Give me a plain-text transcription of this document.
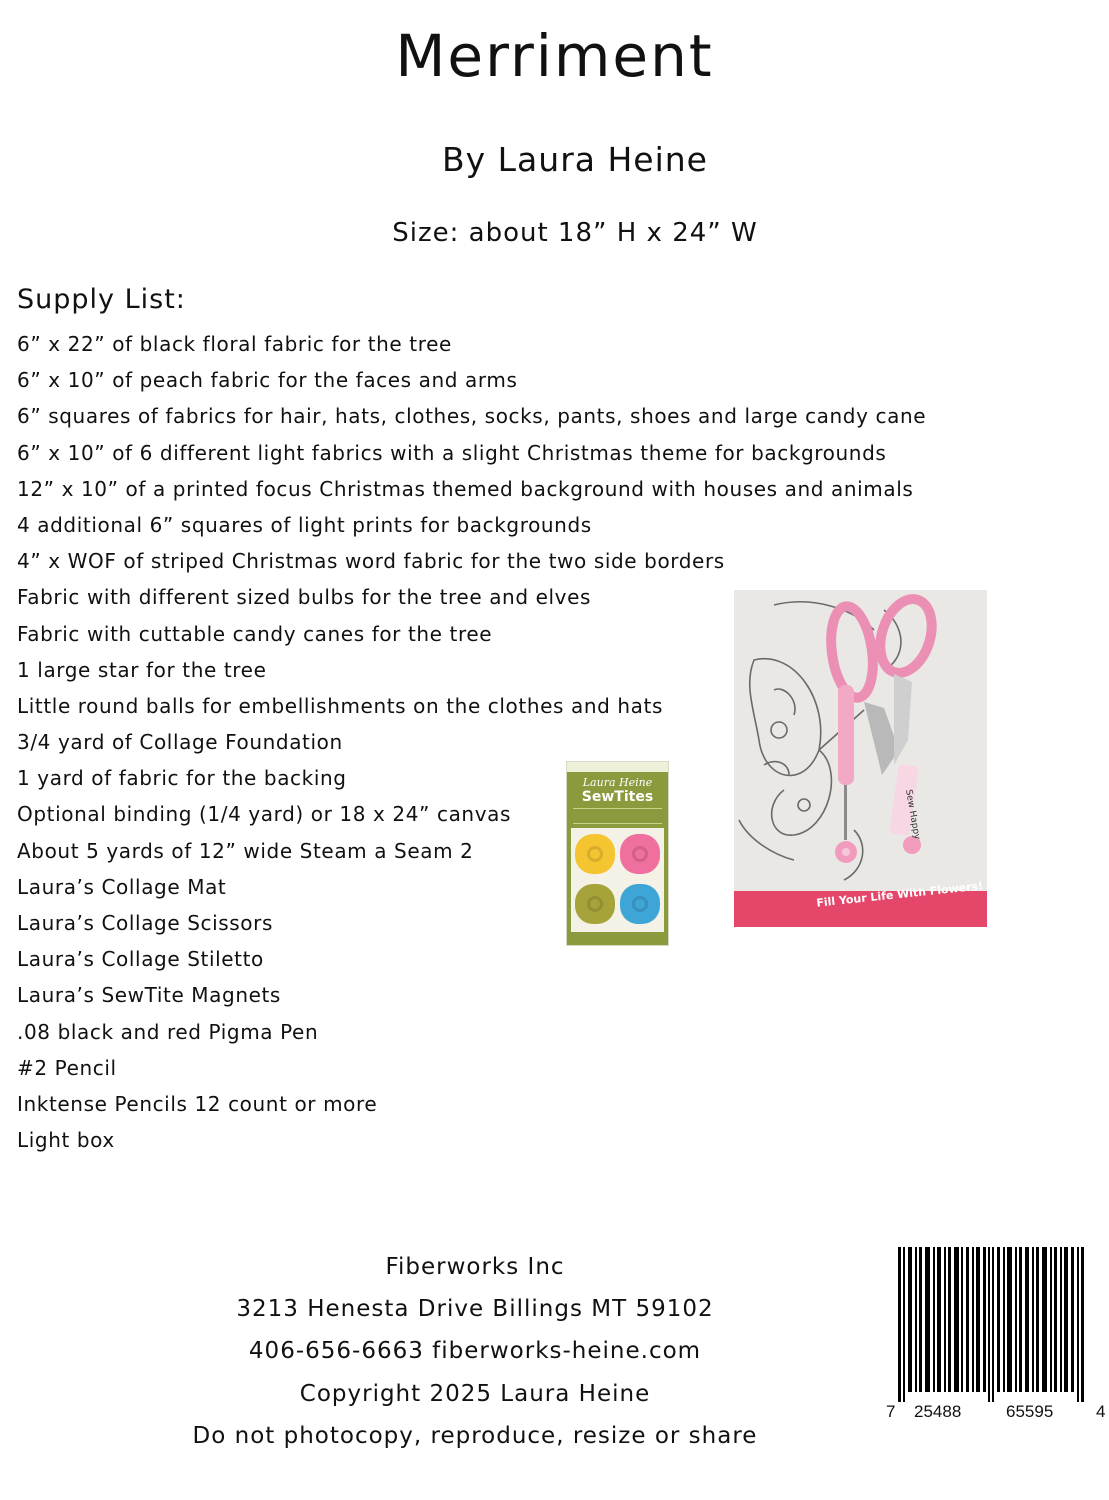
Merriment
By Laura Heine
Size: about 18” H x 24” W
Supply List:
6” x 22” of black floral fabric for the tree
6” x 10” of peach fabric for the faces and arms
6” squares of fabrics for hair, hats, clothes, socks, pants, shoes and large candy cane
6” x 10” of 6 different light fabrics with a slight Christmas theme for backgrounds
12” x 10” of a printed focus Christmas themed background with houses and animals
4 additional 6” squares of light prints for backgrounds
4” x WOF of striped Christmas word fabric for the two side borders
Fabric with different sized bulbs for the tree and elves
Fabric with cuttable candy canes for the tree
1 large star for the tree
Little round balls for embellishments on the clothes and hats
3/4 yard of Collage Foundation
1 yard of fabric for the backing
Optional binding (1/4 yard) or 18 x 24” canvas
About 5 yards of 12” wide Steam a Seam 2
Laura’s Collage Mat
Laura’s Collage Scissors
Laura’s Collage Stiletto
Laura’s SewTite Magnets
.08 black and red Pigma Pen
#2 Pencil
Inktense Pencils 12 count or more
Light box
Laura Heine
SewTites	Sew Happy
Fill Your Life With Flowers!
Fiberworks Inc
3213 Henesta Drive Billings MT 59102
406-656-6663 fiberworks-heine.com
Copyright 2025 Laura Heine
Do not photocopy, reproduce, resize or share
7 25488	65595	4
